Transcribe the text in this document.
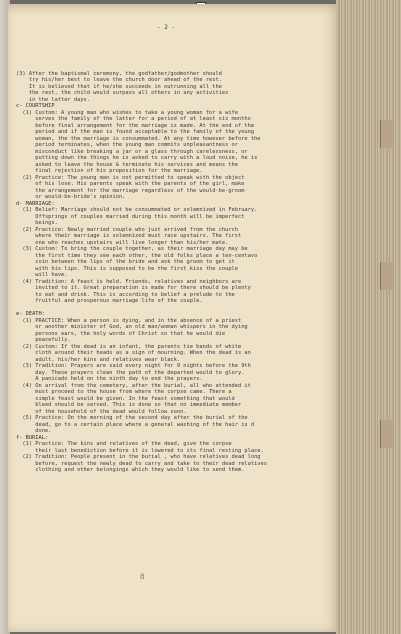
- 2 -

(3) After the baptismal ceremony, the godfather/godmother should
try his/her best to leave the church door ahead of the rest.
It is believed that if he/she succeeds in outrunning all the
the rest, the child would surpass all others in any activities
in the latter days.
c- COURTSHIP
(1) Custom: A young man who wishes to take a young woman for a wife
serves the family of the latter for a period of at least six months
before final arrangement for the marriage is made. At the end of the
period and if the man is found acceptable to the family of the young
woman, the the marriage is consummated. At any time however before the
period terminates, when the young man commits unpleasantness or
misconduct like breaking a jar or a glass through carelessness, or
putting down the things he is asked to carry with a loud noise, he is
asked to leave the house & terminate his services and means the
final rejection of his proposition for the marriage.
(2) Practice: The young man is not permitted to speak with the object
of his love. His parents speak with the parents of the girl, make
the arrangement for the marriage regardless of the would-be-groom
or would-be-bride's opinion.
d- MARRIAGE:
(1) Belief: Marriage should not be consummated or solemnized in February.
Offsprings of couples married during this month will be imperfect
beings.
(2) Practice: Newly married couple who just arrived from the church
where their marriage is solemnized must race upstairs. The first
one who reaches upstairs will live longer than his/her mate.
(3) Custom: To bring the couple together, as their marriage day may be
the first time they see each other, the old folks place a ten-centavo
coin between the lips of the bride and ask the groom to get it
with his lips. This is supposed to be the first kiss the couple
will have.
(4) Tradition: A feast is held. Friends, relatives and neighbors are
invited to it. Great preparation is made for there should be plenty
to eat and drink. This is according to belief a prelude to the
fruitful and prosperous marriage life of the couple.
e- DEATH:
(1) PRACTICE: When a person is dying, and in the absence of a priest
or another minister of God, an old man/woman whispers in the dying
persons ears, the holy words of Christ so that he would die
peacefully.
(2) Custom: If the dead is an infant, the parents tie bands of white
cloth around their heads as a sign of mourning. When the dead is an
adult, his/her kins and relatives wear black.
(3) Tradition: Prayers are said every night for 9 nights before the 9th
day. These prayers clean the path of the departed would to glory.
A panicado held on the ninth day to end the prayers.
(4) On arrival from the cemetery, after the burial, all who attended it
must proceed to the house from where the corpse came. There a
simple feast would be given. In the feast something that would
bleed should be served. This is done so that no immediate member
of the household of the dead would follow soon.
(5) Practice: On the morning of the second day after the burial of the
dead, go to a certain place where a general washing of the hair is d
done.
f- BURIAL:
(1) Practice: The kins and relatives of the dead, give the corpse
their last benediction before it is lowered to its final resting place.
(2) Tradition: People present in the burial , who have relatives dead long
before, request the newly dead to carry and take to their dead relatives
clothing and other belongings which they would like to send them.

8
